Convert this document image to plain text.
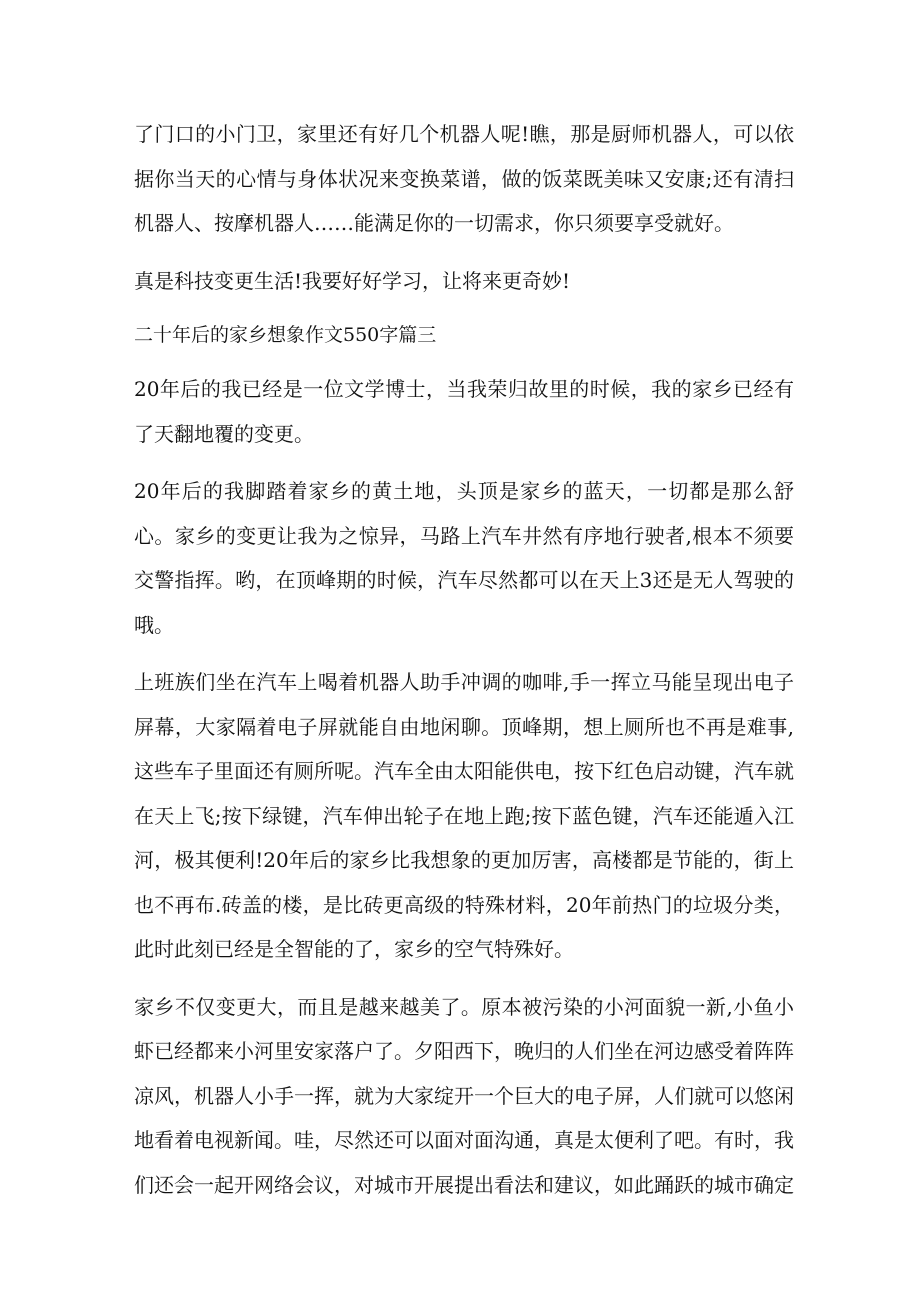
了门口的小门卫，家里还有好几个机器人呢!瞧，那是厨师机器人，可以依据你当天的心情与身体状况来变换菜谱，做的饭菜既美味又安康;还有清扫机器人、按摩机器人……能满足你的一切需求，你只须要享受就好。

真是科技变更生活!我要好好学习，让将来更奇妙!

二十年后的家乡想象作文550字篇三

20年后的我已经是一位文学博士，当我荣归故里的时候，我的家乡已经有了天翻地覆的变更。

20年后的我脚踏着家乡的黄土地，头顶是家乡的蓝天，一切都是那么舒心。家乡的变更让我为之惊异，马路上汽车井然有序地行驶者,根本不须要交警指挥。哟，在顶峰期的时候，汽车尽然都可以在天上3还是无人驾驶的哦。

上班族们坐在汽车上喝着机器人助手冲调的咖啡,手一挥立马能呈现出电子屏幕，大家隔着电子屏就能自由地闲聊。顶峰期，想上厕所也不再是难事,这些车子里面还有厕所呢。汽车全由太阳能供电，按下红色启动键，汽车就在天上飞;按下绿键，汽车伸出轮子在地上跑;按下蓝色键，汽车还能遁入江河，极其便利!20年后的家乡比我想象的更加厉害，高楼都是节能的，街上也不再布.砖盖的楼，是比砖更高级的特殊材料，20年前热门的垃圾分类，此时此刻已经是全智能的了，家乡的空气特殊好。

家乡不仅变更大，而且是越来越美了。原本被污染的小河面貌一新,小鱼小虾已经都来小河里安家落户了。夕阳西下，晚归的人们坐在河边感受着阵阵凉风，机器人小手一挥，就为大家绽开一个巨大的电子屏，人们就可以悠闲地看着电视新闻。哇，尽然还可以面对面沟通，真是太便利了吧。有时，我们还会一起开网络会议，对城市开展提出看法和建议，如此踊跃的城市确定
